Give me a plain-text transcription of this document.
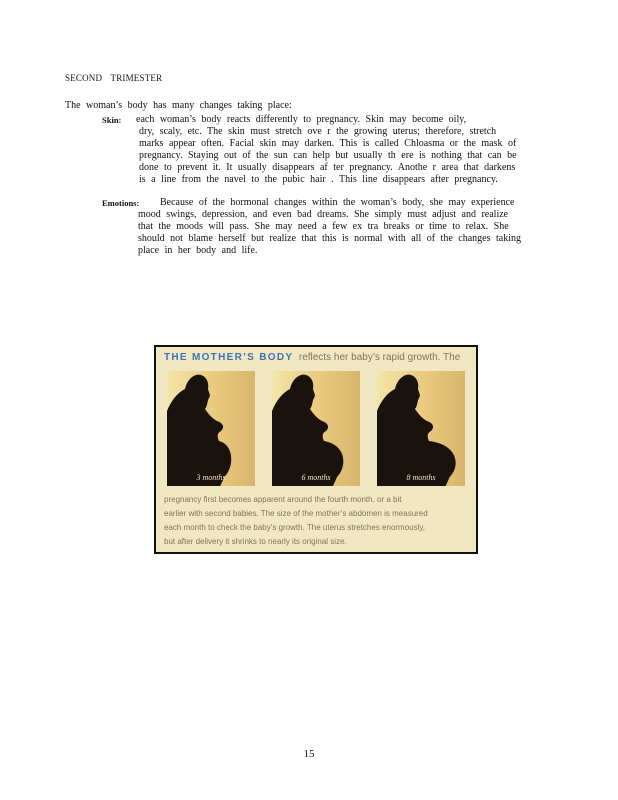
SECOND TRIMESTER
The woman’s body has many changes taking place:
Skin: each woman’s body reacts differently to pregnancy. Skin may become oily,
dry, scaly, etc. The skin must stretch ove r the growing uterus; therefore, stretch
marks appear often. Facial skin may darken. This is called Chloasma or the mask of
pregnancy. Staying out of the sun can help but usually th ere is nothing that can be
done to prevent it. It usually disappears af ter pregnancy. Anothe r area that darkens
is a line from the navel to the pubic hair . This line disappears after pregnancy.
Emotions:	Because of the hormonal changes within the woman’s body, she may experience
mood swings, depression, and even bad dreams. She simply must adjust and realize
that the moods will pass. She may need a few ex tra breaks or time to relax. She
should not blame herself but realize that this is normal with all of the changes taking
place in her body and life.
THE MOTHER’S BODY reflects her baby’s rapid growth. The
3 months	6 months	8 months
pregnancy first becomes apparent around the fourth month, or a bit
earlier with second babies. The size of the mother’s abdomen is measured
each month to check the baby’s growth. The uterus stretches enormously,
but after delivery it shrinks to nearly its original size.
15
